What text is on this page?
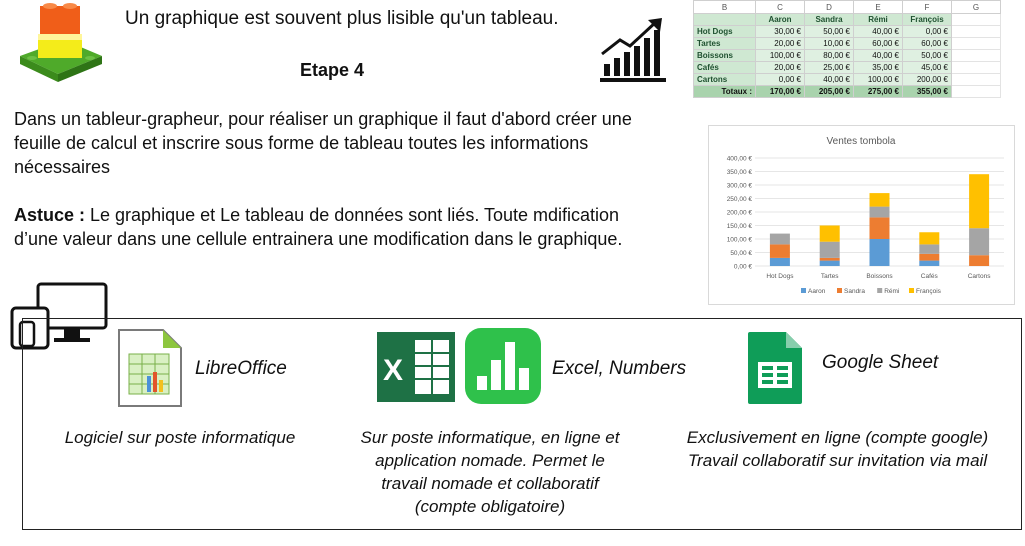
Un graphique est souvent plus lisible qu'un tableau.
Etape 4
Dans un tableur-grapheur, pour réaliser un graphique il faut d'abord créer une feuille de calcul et inscrire sous forme de tableau toutes les informations nécessaires
Astuce : Le graphique et Le tableau de données sont liés. Toute mdification d’une valeur dans une cellule entrainera une modification dans le graphique.
B	C	D	E	F	G
	Aaron	Sandra	Rémi	François	
Hot Dogs	30,00 €	50,00 €	40,00 €	0,00 €	
Tartes	20,00 €	10,00 €	60,00 €	60,00 €	
Boissons	100,00 €	80,00 €	40,00 €	50,00 €	
Cafés	20,00 €	25,00 €	35,00 €	45,00 €	
Cartons	0,00 €	40,00 €	100,00 €	200,00 €	
Totaux :	170,00 €	205,00 €	275,00 €	355,00 €	
Ventes tombola
0,00 €
50,00 €
100,00 €
150,00 €
200,00 €
250,00 €
300,00 €
350,00 €
400,00 €
Hot Dogs	Tartes	Boissons	Cafés	Cartons
Aaron	Sandra	Rémi	François
LibreOffice
Logiciel sur poste informatique
X	Excel, Numbers
Sur poste informatique, en ligne et
application nomade. Permet le
travail nomade et collaboratif
(compte obligatoire)
Google Sheet
Exclusivement en ligne (compte google)
Travail collaboratif sur invitation via mail
